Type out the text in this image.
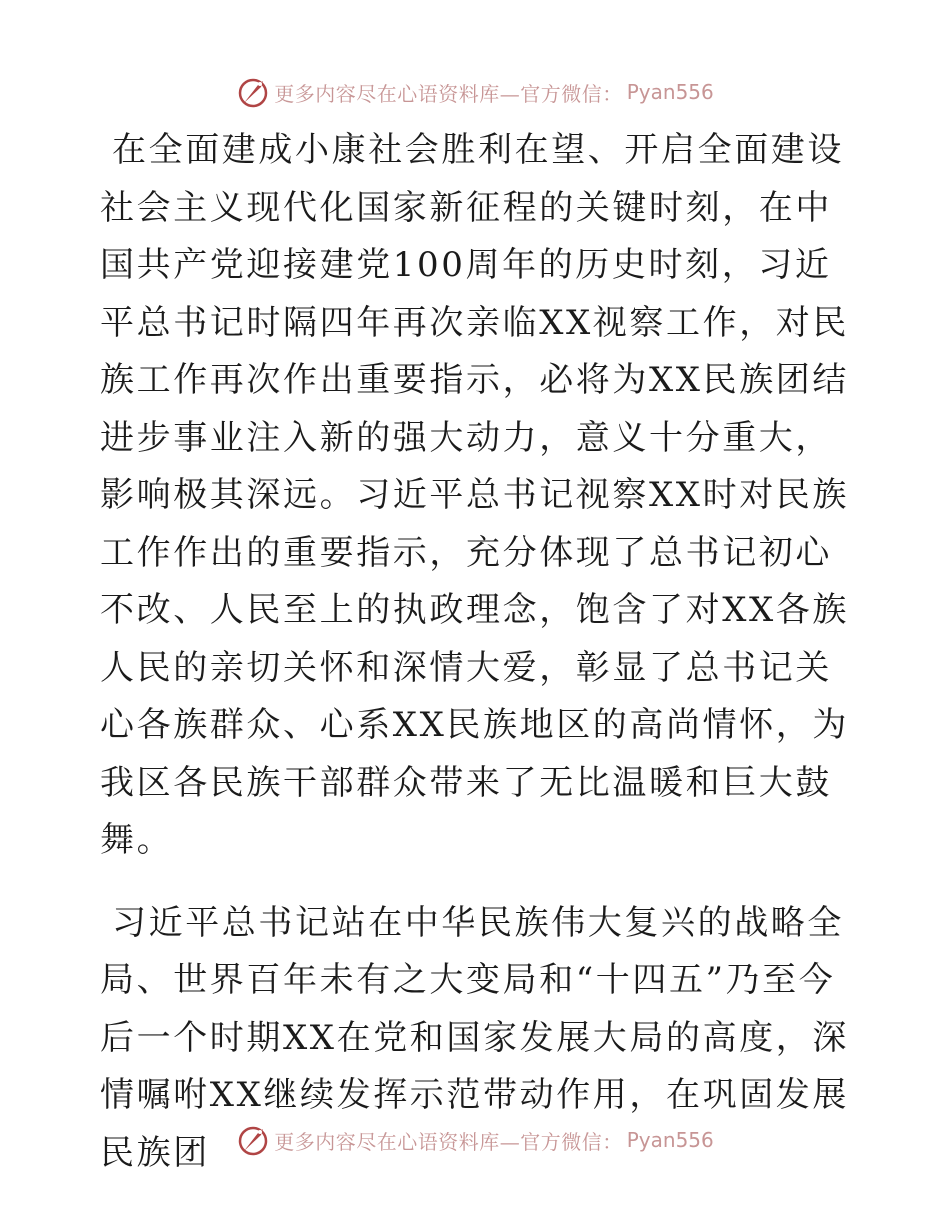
更多内容尽在心语资料库—官方微信： Pyan556

在全面建成小康社会胜利在望、开启全面建设社会主义现代化国家新征程的关键时刻，在中国共产党迎接建党100周年的历史时刻，习近平总书记时隔四年再次亲临XX视察工作，对民族工作再次作出重要指示，必将为XX民族团结进步事业注入新的强大动力，意义十分重大，影响极其深远。习近平总书记视察XX时对民族工作作出的重要指示，充分体现了总书记初心不改、人民至上的执政理念，饱含了对XX各族人民的亲切关怀和深情大爱，彰显了总书记关心各族群众、心系XX民族地区的高尚情怀，为我区各民族干部群众带来了无比温暖和巨大鼓舞。

习近平总书记站在中华民族伟大复兴的战略全局、世界百年未有之大变局和“十四五”乃至今后一个时期XX在党和国家发展大局的高度，深情嘱咐XX继续发挥示范带动作用，在巩固发展民族团	更多内容尽在心语资料库—官方微信： Pyan556
